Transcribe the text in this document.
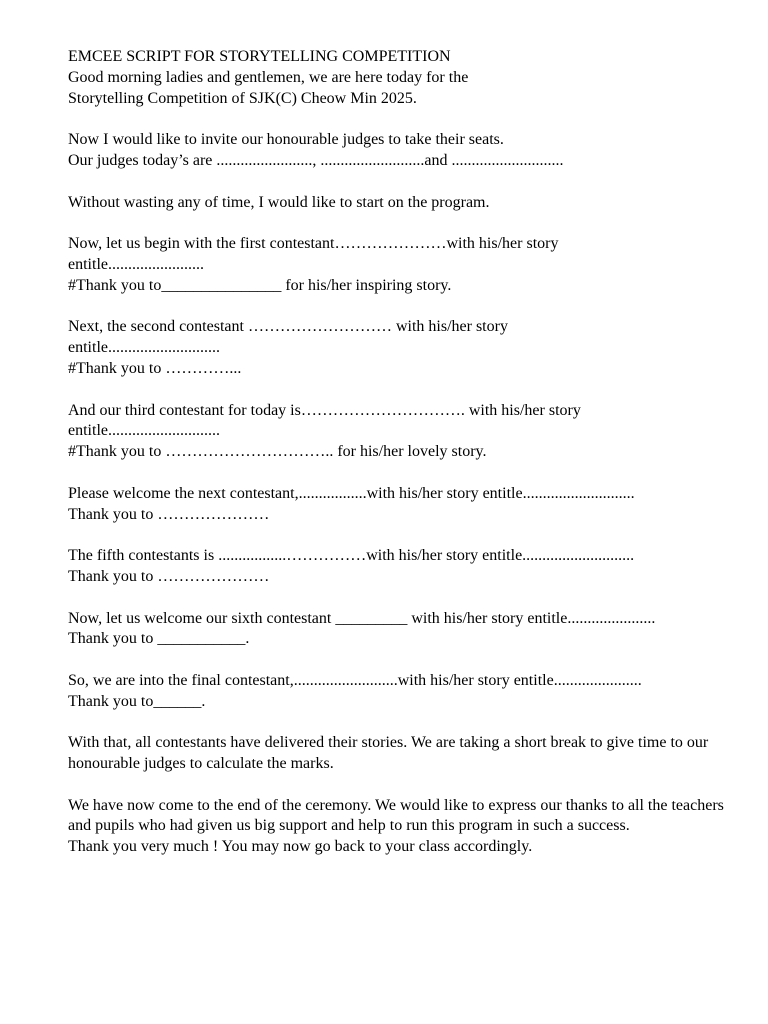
EMCEE SCRIPT FOR STORYTELLING COMPETITION
Good morning ladies and gentlemen, we are here today for the
Storytelling Competition of SJK(C) Cheow Min 2025.
Now I would like to invite our honourable judges to take their seats.
Our judges today’s are ........................, ..........................and ............................
Without wasting any of time, I would like to start on the program.
Now, let us begin with the first contestant…………………with his/her story
entitle........................
#Thank you to_______________ for his/her inspiring story.
Next, the second contestant ……………………… with his/her story
entitle............................
#Thank you to …………...
And our third contestant for today is…………………………. with his/her story
entitle............................
#Thank you to ………………………….. for his/her lovely story.
Please welcome the next contestant,.................with his/her story entitle............................
Thank you to …………………
The fifth contestants is .................……………with his/her story entitle............................
Thank you to …………………
Now, let us welcome our sixth contestant _________ with his/her story entitle......................
Thank you to ___________.
So, we are into the final contestant,..........................with his/her story entitle......................
Thank you to______.
With that, all contestants have delivered their stories. We are taking a short break to give time to our honourable judges to calculate the marks.
We have now come to the end of the ceremony. We would like to express our thanks to all the teachers and pupils who had given us big support and help to run this program in such a success.
Thank you very much ! You may now go back to your class accordingly.
